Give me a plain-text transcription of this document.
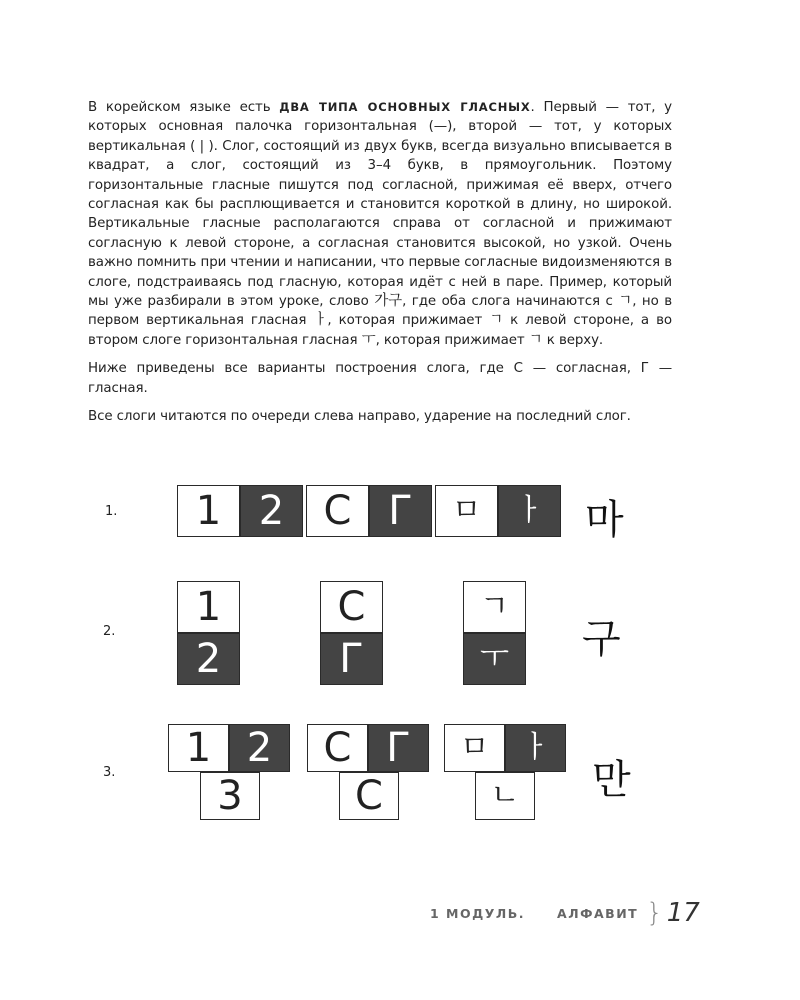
В корейском языке есть ДВА ТИПА ОСНОВНЫХ ГЛАСНЫХ. Первый — тот, у которых основная палочка горизонтальная (—), второй — тот, у которых вертикальная ( | ). Слог, состоящий из двух букв, всегда визуально вписывается в квадрат, а слог, состоящий из 3–4 букв, в прямоугольник. Поэтому горизонтальные гласные пишутся под согласной, прижимая её вверх, отчего согласная как бы расплющивается и становится короткой в длину, но широкой. Вертикальные гласные располагаются справа от согласной и прижимают согласную к левой стороне, а согласная становится высокой, но узкой. Очень важно помнить при чтении и написании, что первые согласные видоизменяются в слоге, подстраиваясь под гласную, которая идёт с ней в паре. Пример, который мы уже разбирали в этом уроке, слово 가구, где оба слога начинаются с ㄱ, но в первом вертикальная гласная ㅏ, которая прижимает ㄱ к левой стороне, а во втором слоге горизонтальная гласная ㅜ, которая прижимает ㄱ к верху.

Ниже приведены все варианты построения слога, где С — согласная, Г — гласная.

Все слоги читаются по очереди слева направо, ударение на последний слог.

1.	1 2 С Г	ㅁ ㅏ 마
2.
1
2
С
Г
ㄱ
ㅜ 구
3.
1 2
3
С Г
С
ㅁ ㅏ
ㄴ 만
1 МОДУЛЬ.	АЛФАВИТ } 17
